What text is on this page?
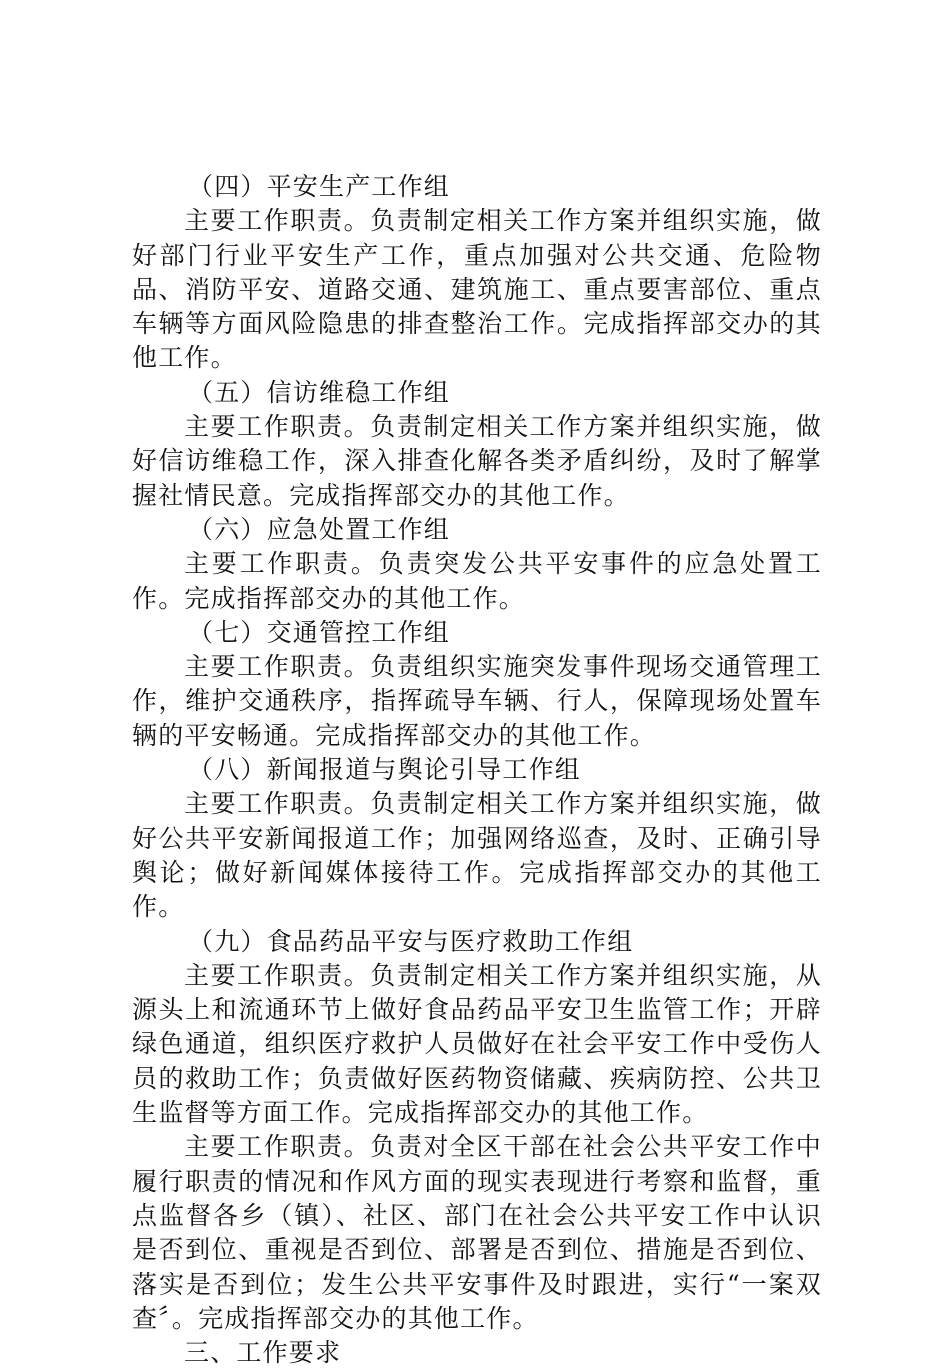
（四）平安生产工作组

主要工作职责。负责制定相关工作方案并组织实施，做好部门行业平安生产工作，重点加强对公共交通、危险物品、消防平安、道路交通、建筑施工、重点要害部位、重点车辆等方面风险隐患的排查整治工作。完成指挥部交办的其他工作。

（五）信访维稳工作组

主要工作职责。负责制定相关工作方案并组织实施，做好信访维稳工作，深入排查化解各类矛盾纠纷，及时了解掌握社情民意。完成指挥部交办的其他工作。

（六）应急处置工作组

主要工作职责。负责突发公共平安事件的应急处置工作。完成指挥部交办的其他工作。

（七）交通管控工作组

主要工作职责。负责组织实施突发事件现场交通管理工作，维护交通秩序，指挥疏导车辆、行人，保障现场处置车辆的平安畅通。完成指挥部交办的其他工作。

（八）新闻报道与舆论引导工作组

主要工作职责。负责制定相关工作方案并组织实施，做好公共平安新闻报道工作；加强网络巡查，及时、正确引导舆论；做好新闻媒体接待工作。完成指挥部交办的其他工作。

（九）食品药品平安与医疗救助工作组

主要工作职责。负责制定相关工作方案并组织实施，从源头上和流通环节上做好食品药品平安卫生监管工作；开辟绿色通道，组织医疗救护人员做好在社会平安工作中受伤人员的救助工作；负责做好医药物资储藏、疾病防控、公共卫生监督等方面工作。完成指挥部交办的其他工作。

主要工作职责。负责对全区干部在社会公共平安工作中履行职责的情况和作风方面的现实表现进行考察和监督，重点监督各乡（镇）、社区、部门在社会公共平安工作中认识是否到位、重视是否到位、部署是否到位、措施是否到位、落实是否到位；发生公共平安事件及时跟进，实行“一案双查〞。完成指挥部交办的其他工作。

三、工作要求
